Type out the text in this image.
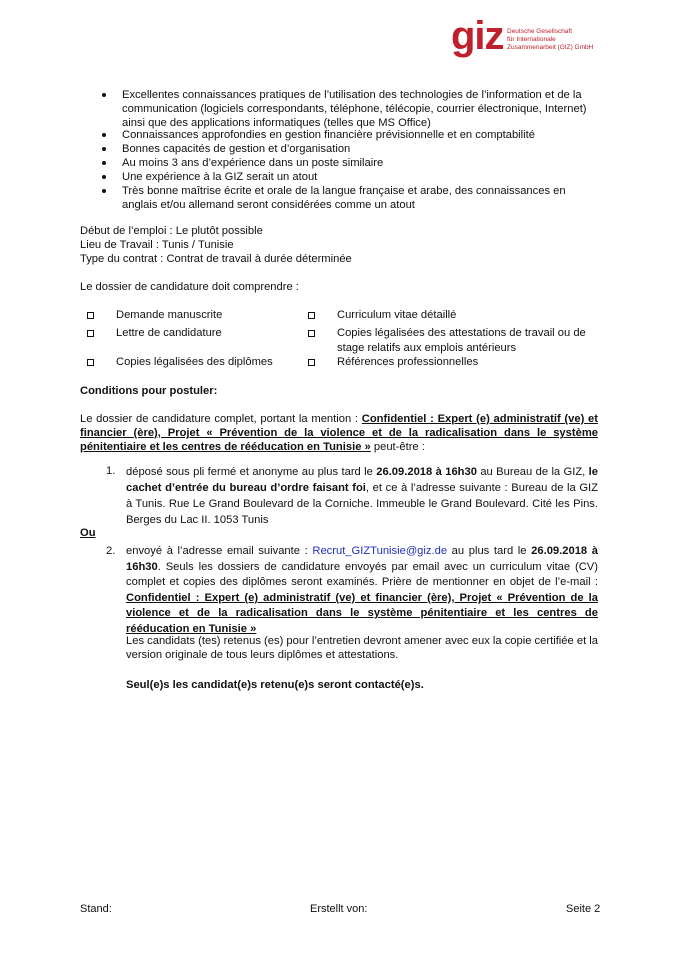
giz Deutsche Gesellschaft
für Internationale
Zusammenarbeit (GIZ) GmbH
Excellentes connaissances pratiques de l’utilisation des technologies de l’information et de la communication (logiciels correspondants, téléphone, télécopie, courrier électronique, Internet) ainsi que des applications informatiques (telles que MS Office)
Connaissances approfondies en gestion financière prévisionnelle et en comptabilité
Bonnes capacités de gestion et d’organisation
Au moins 3 ans d’expérience dans un poste similaire
Une expérience à la GIZ serait un atout
Très bonne maîtrise écrite et orale de la langue française et arabe, des connaissances en anglais et/ou allemand seront considérées comme un atout
Début de l’emploi : Le plutôt possible
Lieu de Travail : Tunis / Tunisie
Type du contrat : Contrat de travail à durée déterminée
Le dossier de candidature doit comprendre :
Demande manuscrite
Lettre de candidature
Copies légalisées des diplômes
Curriculum vitae détaillé
Copies légalisées des attestations de travail ou de
stage relatifs aux emplois antérieurs
Références professionnelles
Conditions pour postuler:
Le dossier de candidature complet, portant la mention : Confidentiel : Expert (e) administratif (ve) et financier (ère), Projet « Prévention de la violence et de la radicalisation dans le système pénitentiaire et les centres de rééducation en Tunisie » peut-être :
1. déposé sous pli fermé et anonyme au plus tard le 26.09.2018 à 16h30 au Bureau de la GIZ, le cachet d’entrée du bureau d’ordre faisant foi, et ce à l’adresse suivante : Bureau de la GIZ à Tunis. Rue Le Grand Boulevard de la Corniche. Immeuble le Grand Boulevard. Cité les Pins. Berges du Lac II. 1053 Tunis
Ou
2. envoyé à l’adresse email suivante : Recrut_GIZTunisie@giz.de au plus tard le 26.09.2018 à 16h30. Seuls les dossiers de candidature envoyés par email avec un curriculum vitae (CV) complet et copies des diplômes seront examinés. Prière de mentionner en objet de l’e-mail : Confidentiel : Expert (e) administratif (ve) et financier (ère), Projet « Prévention de la violence et de la radicalisation dans le système pénitentiaire et les centres de rééducation en Tunisie »
Les candidats (tes) retenus (es) pour l’entretien devront amener avec eux la copie certifiée et la version originale de tous leurs diplômes et attestations.
Seul(e)s les candidat(e)s retenu(e)s seront contacté(e)s.
Stand:	Erstellt von:	Seite 2
